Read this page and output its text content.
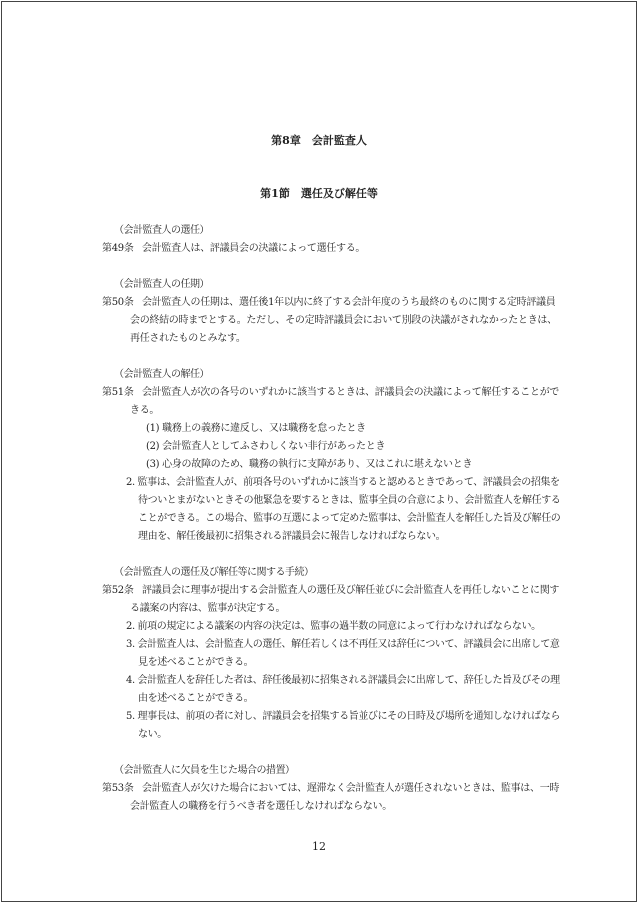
第8章　会計監査人
第1節　選任及び解任等
（会計監査人の選任）
第49条 会計監査人は、評議員会の決議によって選任する。
（会計監査人の任期）
第50条 会計監査人の任期は、選任後1年以内に終了する会計年度のうち最終のものに関する定時評議員会の終結の時までとする。ただし、その定時評議員会において別段の決議がされなかったときは、再任されたものとみなす。
（会計監査人の解任）
第51条 会計監査人が次の各号のいずれかに該当するときは、評議員会の決議によって解任することができる。
(1) 職務上の義務に違反し、又は職務を怠ったとき
(2) 会計監査人としてふさわしくない非行があったとき
(3) 心身の故障のため、職務の執行に支障があり、又はこれに堪えないとき
2. 監事は、会計監査人が、前項各号のいずれかに該当すると認めるときであって、評議員会の招集を待ついとまがないときその他緊急を要するときは、監事全員の合意により、会計監査人を解任することができる。この場合、監事の互選によって定めた監事は、会計監査人を解任した旨及び解任の理由を、解任後最初に招集される評議員会に報告しなければならない。
（会計監査人の選任及び解任等に関する手続）
第52条 評議員会に理事が提出する会計監査人の選任及び解任並びに会計監査人を再任しないことに関する議案の内容は、監事が決定する。
2. 前項の規定による議案の内容の決定は、監事の過半数の同意によって行わなければならない。
3. 会計監査人は、会計監査人の選任、解任若しくは不再任又は辞任について、評議員会に出席して意見を述べることができる。
4. 会計監査人を辞任した者は、辞任後最初に招集される評議員会に出席して、辞任した旨及びその理由を述べることができる。
5. 理事長は、前項の者に対し、評議員会を招集する旨並びにその日時及び場所を通知しなければならない。
（会計監査人に欠員を生じた場合の措置）
第53条 会計監査人が欠けた場合においては、遅滞なく会計監査人が選任されないときは、監事は、一時会計監査人の職務を行うべき者を選任しなければならない。
12
